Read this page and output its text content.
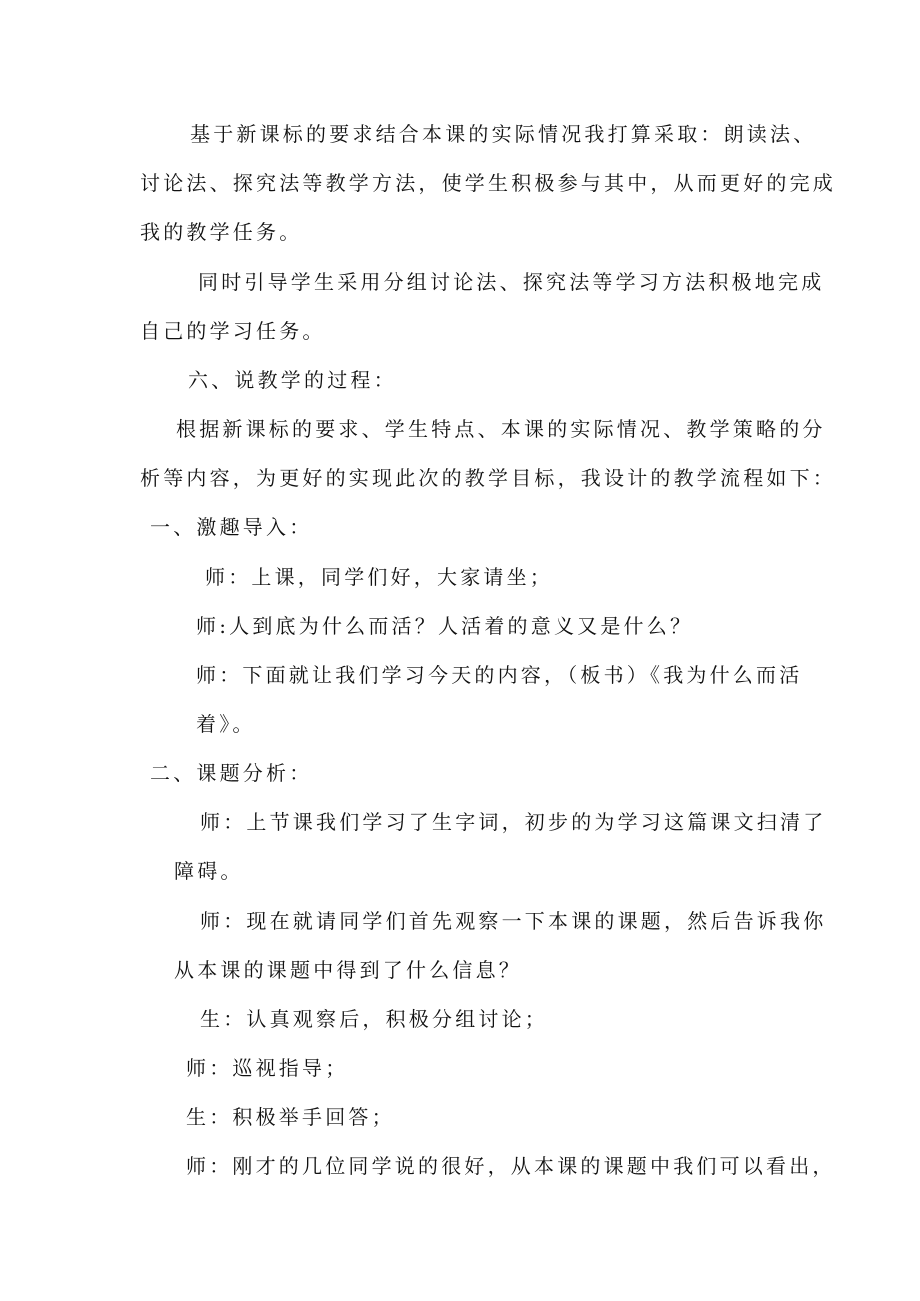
基于新课标的要求结合本课的实际情况我打算采取：朗读法、
讨论法、探究法等教学方法，使学生积极参与其中，从而更好的完成
我的教学任务。
同时引导学生采用分组讨论法、探究法等学习方法积极地完成
自己的学习任务。
六、说教学的过程：
根据新课标的要求、学生特点、本课的实际情况、教学策略的分
析等内容，为更好的实现此次的教学目标，我设计的教学流程如下：
一、激趣导入：
师：上课，同学们好，大家请坐；
师:人到底为什么而活？人活着的意义又是什么？
师：下面就让我们学习今天的内容，（板书）《我为什么而活
着》。
二、课题分析：
师：上节课我们学习了生字词，初步的为学习这篇课文扫清了
障碍。
师：现在就请同学们首先观察一下本课的课题，然后告诉我你
从本课的课题中得到了什么信息？
生：认真观察后，积极分组讨论；
师：巡视指导；
生：积极举手回答；
师：刚才的几位同学说的很好，从本课的课题中我们可以看出，
